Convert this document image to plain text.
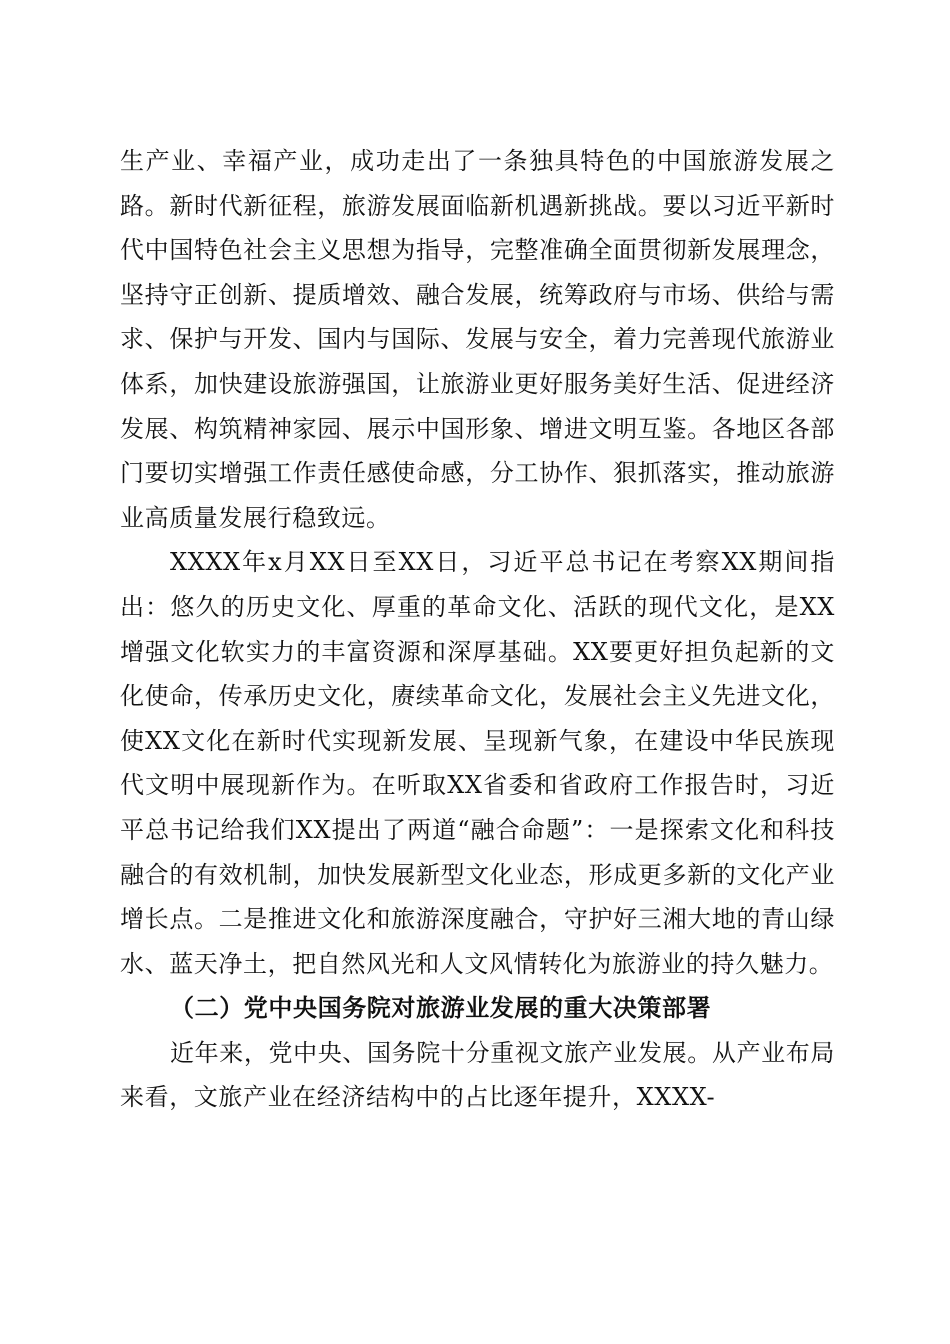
生产业、幸福产业，成功走出了一条独具特色的中国旅游发展之路。新时代新征程，旅游发展面临新机遇新挑战。要以习近平新时代中国特色社会主义思想为指导，完整准确全面贯彻新发展理念，坚持守正创新、提质增效、融合发展，统筹政府与市场、供给与需求、保护与开发、国内与国际、发展与安全，着力完善现代旅游业体系，加快建设旅游强国，让旅游业更好服务美好生活、促进经济发展、构筑精神家园、展示中国形象、增进文明互鉴。各地区各部门要切实增强工作责任感使命感，分工协作、狠抓落实，推动旅游业高质量发展行稳致远。

XXXX年x月XX日至XX日，习近平总书记在考察XX期间指出：悠久的历史文化、厚重的革命文化、活跃的现代文化，是XX增强文化软实力的丰富资源和深厚基础。XX要更好担负起新的文化使命，传承历史文化，赓续革命文化，发展社会主义先进文化，使XX文化在新时代实现新发展、呈现新气象，在建设中华民族现代文明中展现新作为。在听取XX省委和省政府工作报告时，习近平总书记给我们XX提出了两道“融合命题”：一是探索文化和科技融合的有效机制，加快发展新型文化业态，形成更多新的文化产业增长点。二是推进文化和旅游深度融合，守护好三湘大地的青山绿水、蓝天净土，把自然风光和人文风情转化为旅游业的持久魅力。

（二）党中央国务院对旅游业发展的重大决策部署

近年来，党中央、国务院十分重视文旅产业发展。从产业布局来看，文旅产业在经济结构中的占比逐年提升，XXXX-
